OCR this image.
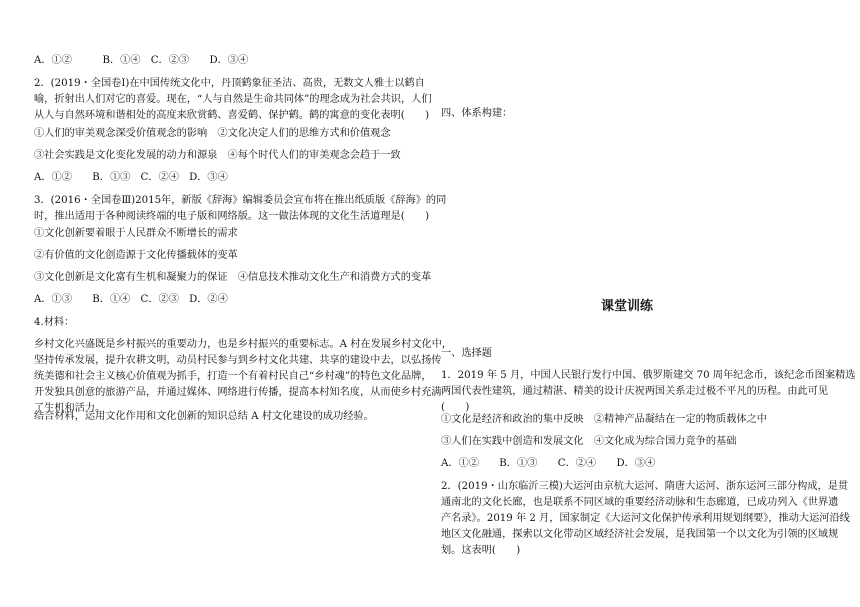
A．①②　　　B．①④　C．②③　　D．③④
2．(2019・全国卷Ⅰ)在中国传统文化中，丹顶鹤象征圣洁、高贵，无数文人雅士以鹤自
喻，折射出人们对它的喜爱。现在，“人与自然是生命共同体”的理念成为社会共识，人们
从人与自然环境和谐相处的高度来欣赏鹤、喜爱鹤、保护鹤。鹤的寓意的变化表明(　　)
①人们的审美观念深受价值观念的影响　②文化决定人们的思维方式和价值观念
③社会实践是文化变化发展的动力和源泉　④每个时代人们的审美观念会趋于一致
A．①②　　B．①③　C．②④　D．③④
3．(2016・全国卷Ⅲ)2015年，新版《辞海》编辑委员会宣布将在推出纸质版《辞海》的同
时，推出适用于各种阅读终端的电子版和网络版。这一做法体现的文化生活道理是(　　)
①文化创新要着眼于人民群众不断增长的需求
②有价值的文化创造源于文化传播载体的变革
③文化创新是文化富有生机和凝聚力的保证　④信息技术推动文化生产和消费方式的变革
A．①③　　B．①④　C．②③　D．②④
4.材料：
乡村文化兴盛既是乡村振兴的重要动力，也是乡村振兴的重要标志。A 村在发展乡村文化中，
坚持传承发展，提升农耕文明，动员村民参与到乡村文化共建、共享的建设中去，以弘扬传
统美德和社会主义核心价值观为抓手，打造一个有着村民自己“乡村魂”的特色文化品牌，
开发独具创意的旅游产品，并通过媒体、网络进行传播，提高本村知名度，从而使乡村充满
了生机和活力。
结合材料，运用文化作用和文化创新的知识总结 A 村文化建设的成功经验。
四、体系构建：
课堂训练
一、选择题
1．2019 年 5 月，中国人民银行发行中国、俄罗斯建交 70 周年纪念币，该纪念币图案精选
两国代表性建筑，通过精湛、精美的设计庆祝两国关系走过极不平凡的历程。由此可见
(　　)
①文化是经济和政治的集中反映　②精神产品凝结在一定的物质载体之中
③人们在实践中创造和发展文化　④文化成为综合国力竞争的基础
A．①②　　B．①③　　C．②④　　D．③④
2．(2019・山东临沂三模)大运河由京杭大运河、隋唐大运河、浙东运河三部分构成，是贯
通南北的文化长廊，也是联系不同区域的重要经济动脉和生态廊道，已成功列入《世界遗
产名录》。2019 年 2 月，国家制定《大运河文化保护传承利用规划纲要》，推动大运河沿线
地区文化融通，探索以文化带动区域经济社会发展，是我国第一个以文化为引领的区域规
划。这表明(　　)
